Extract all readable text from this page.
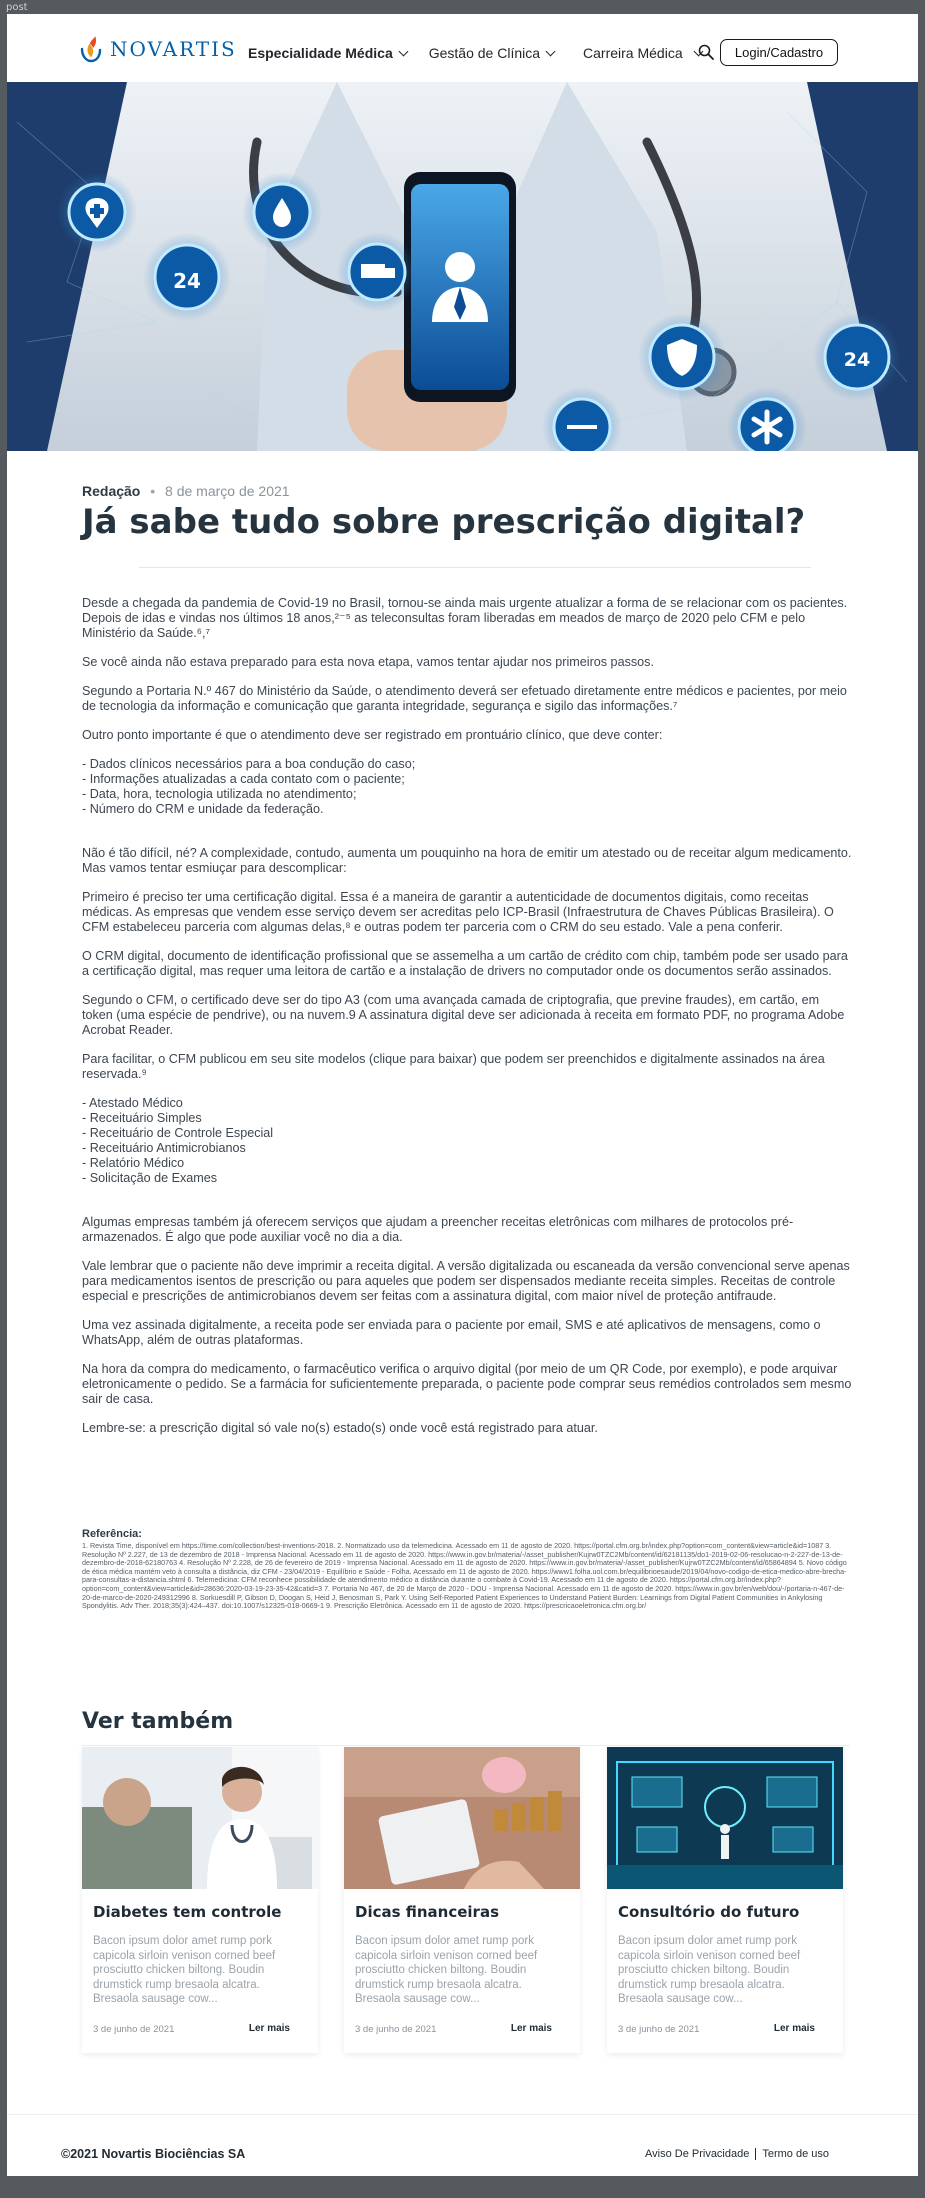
post
NOVARTIS Especialidade Médica	Gestão de Clínica	Carreira Médica	Login/Cadastro
24
24
Redação • 8 de março de 2021
Já sabe tudo sobre prescrição digital?

Desde a chegada da pandemia de Covid-19 no Brasil, tornou-se ainda mais urgente atualizar a forma de se relacionar com os pacientes. Depois de idas e vindas nos últimos 18 anos,²⁻⁵ as teleconsultas foram liberadas em meados de março de 2020 pelo CFM e pelo Ministério da Saúde.⁶,⁷

Se você ainda não estava preparado para esta nova etapa, vamos tentar ajudar nos primeiros passos.

Segundo a Portaria N.º 467 do Ministério da Saúde, o atendimento deverá ser efetuado diretamente entre médicos e pacientes, por meio de tecnologia da informação e comunicação que garanta integridade, segurança e sigilo das informações.⁷

Outro ponto importante é que o atendimento deve ser registrado em prontuário clínico, que deve conter:

- Dados clínicos necessários para a boa condução do caso;
- Informações atualizadas a cada contato com o paciente;
- Data, hora, tecnologia utilizada no atendimento;
- Número do CRM e unidade da federação.

Não é tão difícil, né? A complexidade, contudo, aumenta um pouquinho na hora de emitir um atestado ou de receitar algum medicamento. Mas vamos tentar esmiuçar para descomplicar:

Primeiro é preciso ter uma certificação digital. Essa é a maneira de garantir a autenticidade de documentos digitais, como receitas médicas. As empresas que vendem esse serviço devem ser acreditas pelo ICP-Brasil (Infraestrutura de Chaves Públicas Brasileira). O CFM estabeleceu parceria com algumas delas,⁸ e outras podem ter parceria com o CRM do seu estado. Vale a pena conferir.

O CRM digital, documento de identificação profissional que se assemelha a um cartão de crédito com chip, também pode ser usado para a certificação digital, mas requer uma leitora de cartão e a instalação de drivers no computador onde os documentos serão assinados.

Segundo o CFM, o certificado deve ser do tipo A3 (com uma avançada camada de criptografia, que previne fraudes), em cartão, em token (uma espécie de pendrive), ou na nuvem.9 A assinatura digital deve ser adicionada à receita em formato PDF, no programa Adobe Acrobat Reader.

Para facilitar, o CFM publicou em seu site modelos (clique para baixar) que podem ser preenchidos e digitalmente assinados na área reservada.⁹

- Atestado Médico
- Receituário Simples
- Receituário de Controle Especial
- Receituário Antimicrobianos
- Relatório Médico
- Solicitação de Exames

Algumas empresas também já oferecem serviços que ajudam a preencher receitas eletrônicas com milhares de protocolos pré-armazenados. É algo que pode auxiliar você no dia a dia.

Vale lembrar que o paciente não deve imprimir a receita digital. A versão digitalizada ou escaneada da versão convencional serve apenas para medicamentos isentos de prescrição ou para aqueles que podem ser dispensados mediante receita simples. Receitas de controle especial e prescrições de antimicrobianos devem ser feitas com a assinatura digital, com maior nível de proteção antifraude.

Uma vez assinada digitalmente, a receita pode ser enviada para o paciente por email, SMS e até aplicativos de mensagens, como o WhatsApp, além de outras plataformas.

Na hora da compra do medicamento, o farmacêutico verifica o arquivo digital (por meio de um QR Code, por exemplo), e pode arquivar eletronicamente o pedido. Se a farmácia for suficientemente preparada, o paciente pode comprar seus remédios controlados sem mesmo sair de casa.

Lembre-se: a prescrição digital só vale no(s) estado(s) onde você está registrado para atuar.

Referência:
1. Revista Time, disponível em https://time.com/collection/best-inventions-2018. 2. Normatizado uso da telemedicina. Acessado em 11 de agosto de 2020. https://portal.cfm.org.br/index.php?option=com_content&view=article&id=1087 3. Resolução Nº 2.227, de 13 de dezembro de 2018 - Imprensa Nacional. Acessado em 11 de agosto de 2020. https://www.in.gov.br/materia/-/asset_publisher/Kujrw0TZC2Mb/content/id/62181135/do1-2019-02-06-resolucao-n-2-227-de-13-de-dezembro-de-2018-62180763 4. Resolução Nº 2.228, de 26 de fevereiro de 2019 - Imprensa Nacional. Acessado em 11 de agosto de 2020. https://www.in.gov.br/materia/-/asset_publisher/Kujrw0TZC2Mb/content/id/65864894 5. Novo código de ética médica mantém veto à consulta a distância, diz CFM - 23/04/2019 - Equilíbrio e Saúde - Folha. Acessado em 11 de agosto de 2020. https://www1.folha.uol.com.br/equilibrioesaude/2019/04/novo-codigo-de-etica-medico-abre-brecha-para-consultas-a-distancia.shtml 6. Telemedicina: CFM reconhece possibilidade de atendimento médico a distância durante o combate à Covid-19. Acessado em 11 de agosto de 2020. https://portal.cfm.org.br/index.php?option=com_content&view=article&id=28636:2020-03-19-23-35-42&catid=3 7. Portaria No 467, de 20 de Março de 2020 - DOU - Imprensa Nacional. Acessado em 11 de agosto de 2020. https://www.in.gov.br/en/web/dou/-/portaria-n-467-de-20-de-marco-de-2020-249312996 8. Sorkuesdill P, Gibson D, Doogan S, Heid J, Benosman S, Park Y. Using Self-Reported Patient Experiences to Understand Patient Burden: Learnings from Digital Patient Communities in Ankylosing Spondylitis. Adv Ther. 2018;35(3):424–437. doi:10.1007/s12325-018-0669-1 9. Prescrição Eletrônica. Acessado em 11 de agosto de 2020. https://prescricaoeletronica.cfm.org.br/
Ver também
Diabetes tem controle
Bacon ipsum dolor amet rump pork capicola sirloin venison corned beef prosciutto chicken biltong. Boudin drumstick rump bresaola alcatra. Bresaola sausage cow...
3 de junho de 2021	Ler mais
Dicas financeiras
Bacon ipsum dolor amet rump pork capicola sirloin venison corned beef prosciutto chicken biltong. Boudin drumstick rump bresaola alcatra. Bresaola sausage cow...
3 de junho de 2021	Ler mais
Consultório do futuro
Bacon ipsum dolor amet rump pork capicola sirloin venison corned beef prosciutto chicken biltong. Boudin drumstick rump bresaola alcatra. Bresaola sausage cow...
3 de junho de 2021	Ler mais
©2021 Novartis Biociências SA	Aviso De Privacidade Termo de uso
